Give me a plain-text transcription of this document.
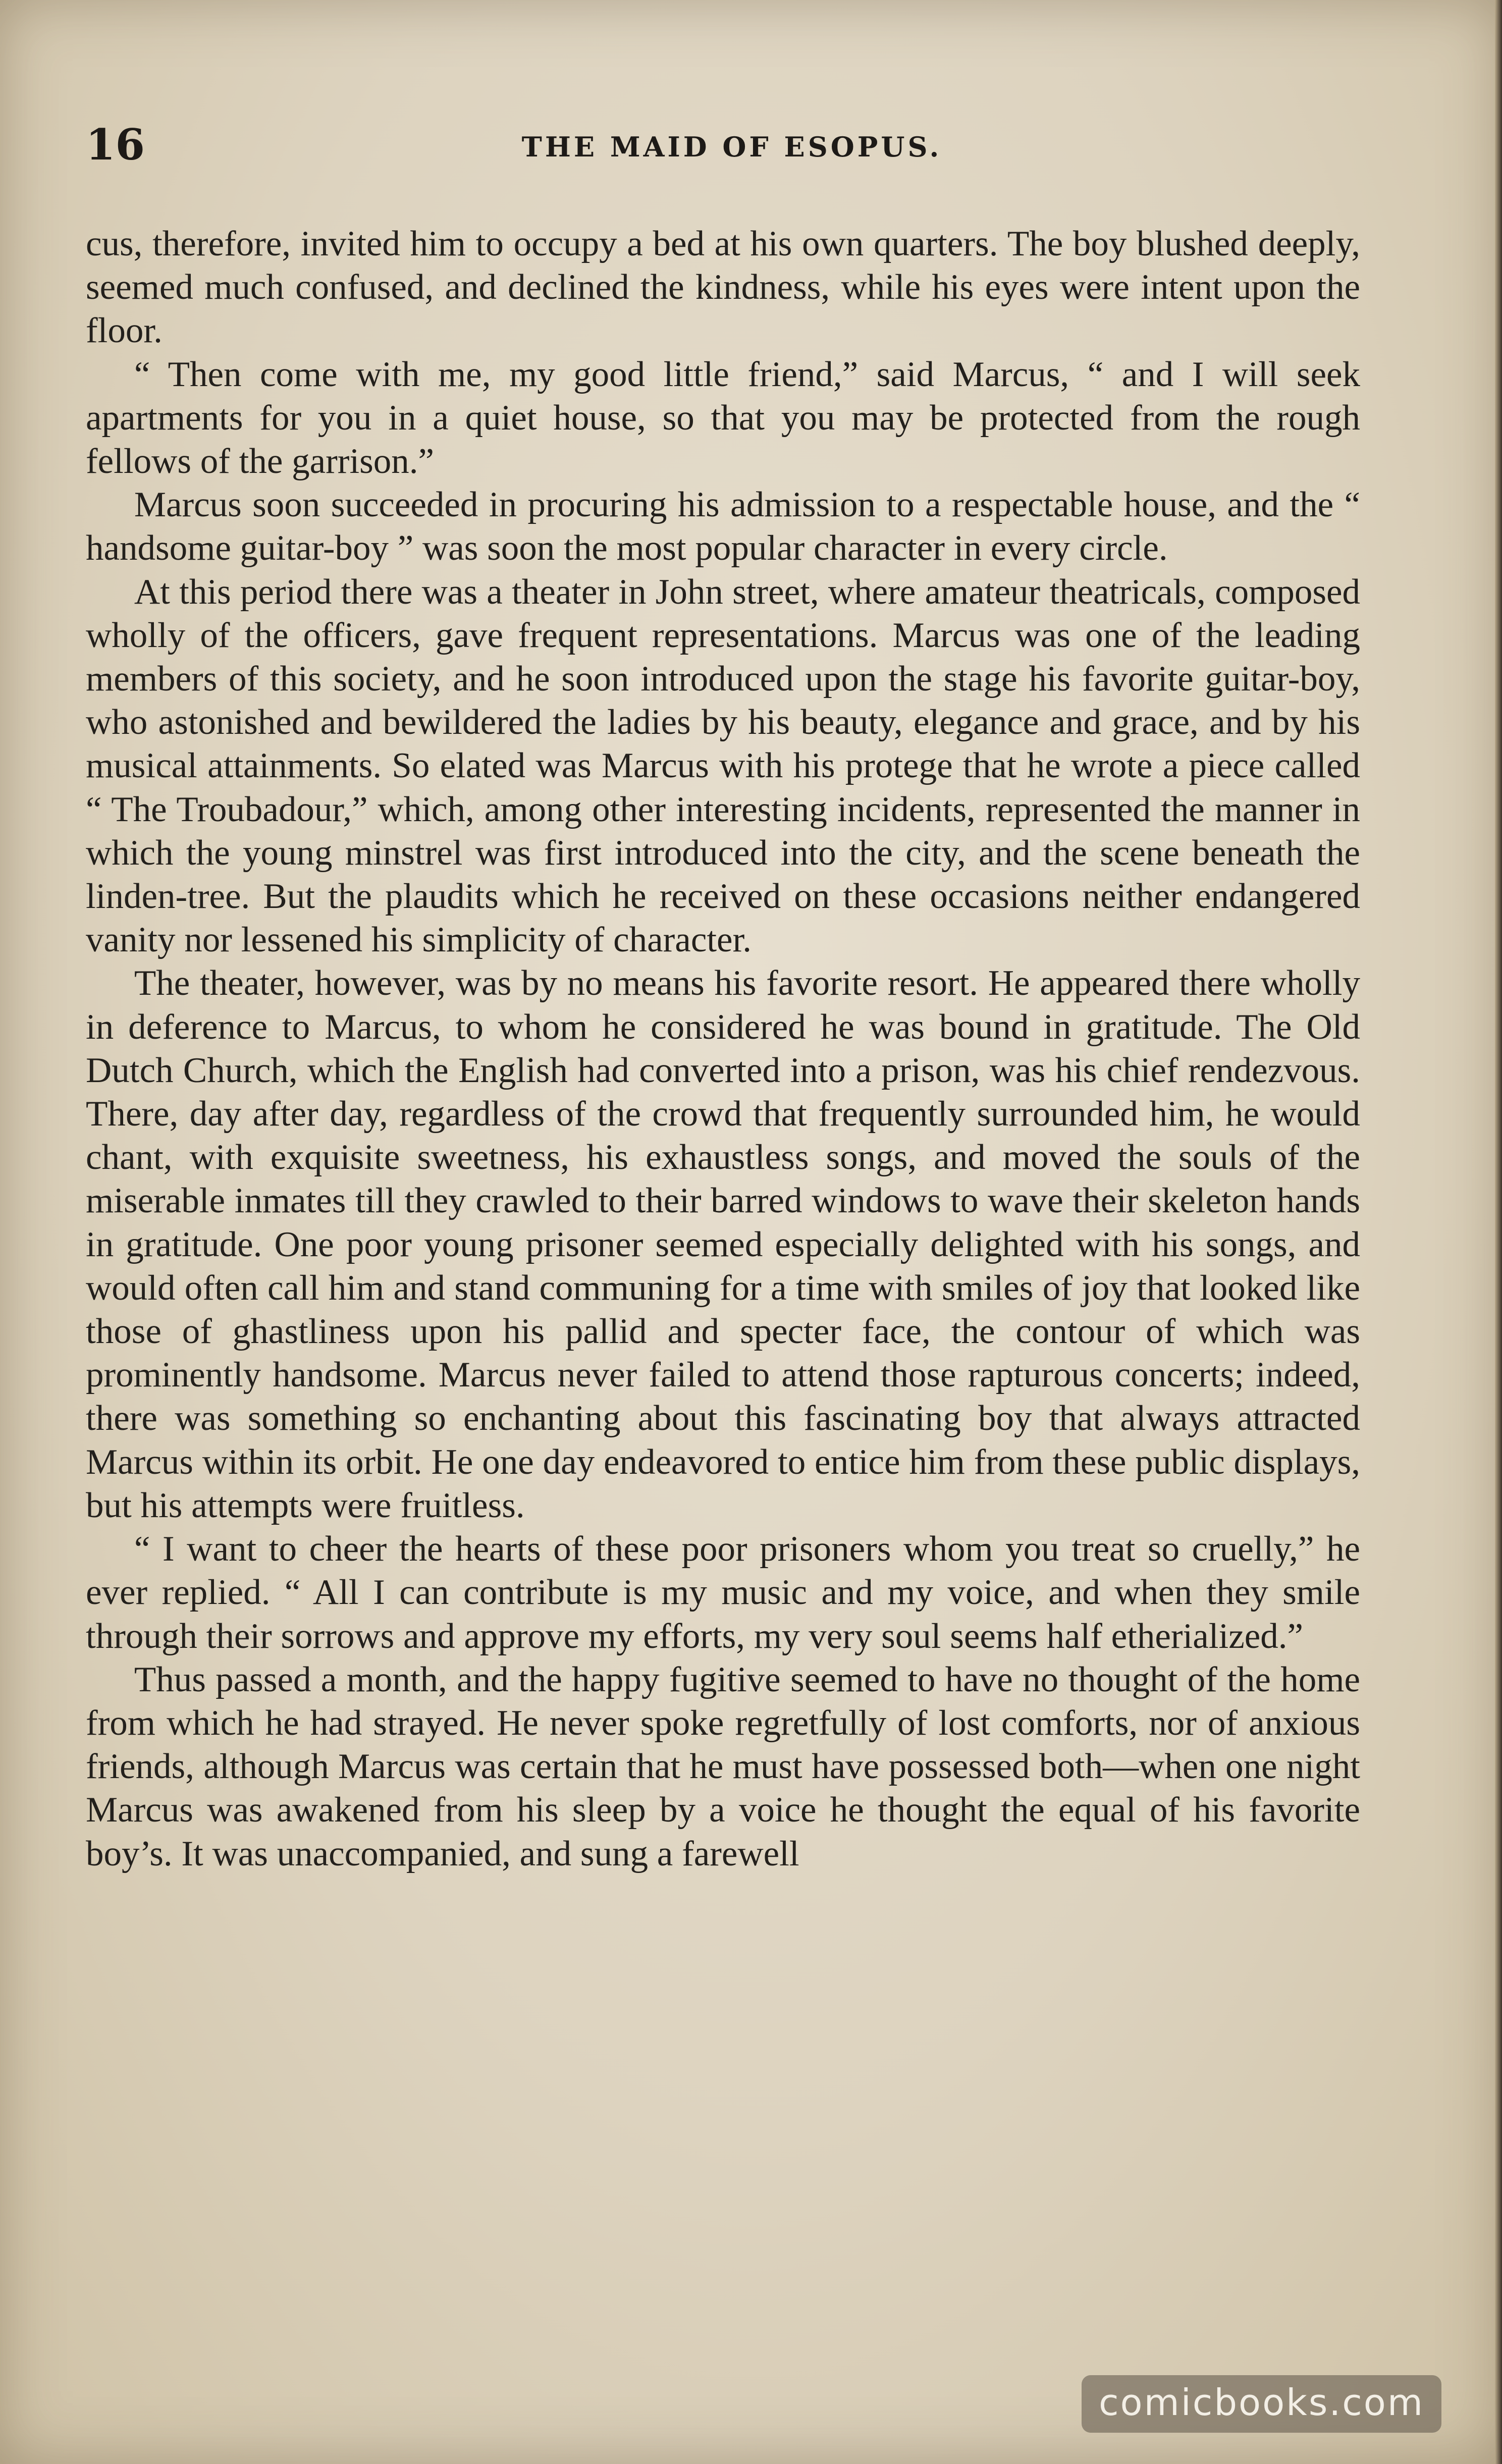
16	THE MAID OF ESOPUS.

cus, therefore, invited him to occupy a bed at his own quarters. The boy blushed deeply, seemed much confused, and declined the kindness, while his eyes were intent upon the floor.

“ Then come with me, my good little friend,” said Marcus, “ and I will seek apartments for you in a quiet house, so that you may be protected from the rough fellows of the garrison.”

Marcus soon succeeded in procuring his admission to a respectable house, and the “ handsome guitar-boy ” was soon the most popular character in every circle.

At this period there was a theater in John street, where amateur theatricals, composed wholly of the officers, gave frequent representations. Marcus was one of the leading members of this society, and he soon introduced upon the stage his favorite guitar-boy, who astonished and bewildered the ladies by his beauty, elegance and grace, and by his musical attainments. So elated was Marcus with his protege that he wrote a piece called “ The Troubadour,” which, among other interesting incidents, represented the manner in which the young minstrel was first introduced into the city, and the scene beneath the linden-tree. But the plaudits which he received on these occasions neither endangered vanity nor lessened his simplicity of character.

The theater, however, was by no means his favorite resort. He appeared there wholly in deference to Marcus, to whom he considered he was bound in gratitude. The Old Dutch Church, which the English had converted into a prison, was his chief rendezvous. There, day after day, regardless of the crowd that frequently surrounded him, he would chant, with exquisite sweetness, his exhaustless songs, and moved the souls of the miserable inmates till they crawled to their barred windows to wave their skeleton hands in gratitude. One poor young prisoner seemed especially delighted with his songs, and would often call him and stand communing for a time with smiles of joy that looked like those of ghastliness upon his pallid and specter face, the contour of which was prominently handsome. Marcus never failed to attend those rapturous concerts; indeed, there was something so enchanting about this fascinating boy that always attracted Marcus within its orbit. He one day endeavored to entice him from these public displays, but his attempts were fruitless.

“ I want to cheer the hearts of these poor prisoners whom you treat so cruelly,” he ever replied. “ All I can contribute is my music and my voice, and when they smile through their sorrows and approve my efforts, my very soul seems half etherialized.”

Thus passed a month, and the happy fugitive seemed to have no thought of the home from which he had strayed. He never spoke regretfully of lost comforts, nor of anxious friends, although Marcus was certain that he must have possessed both—when one night Marcus was awakened from his sleep by a voice he thought the equal of his favorite boy’s. It was unaccompanied, and sung a farewell

comicbooks.com
